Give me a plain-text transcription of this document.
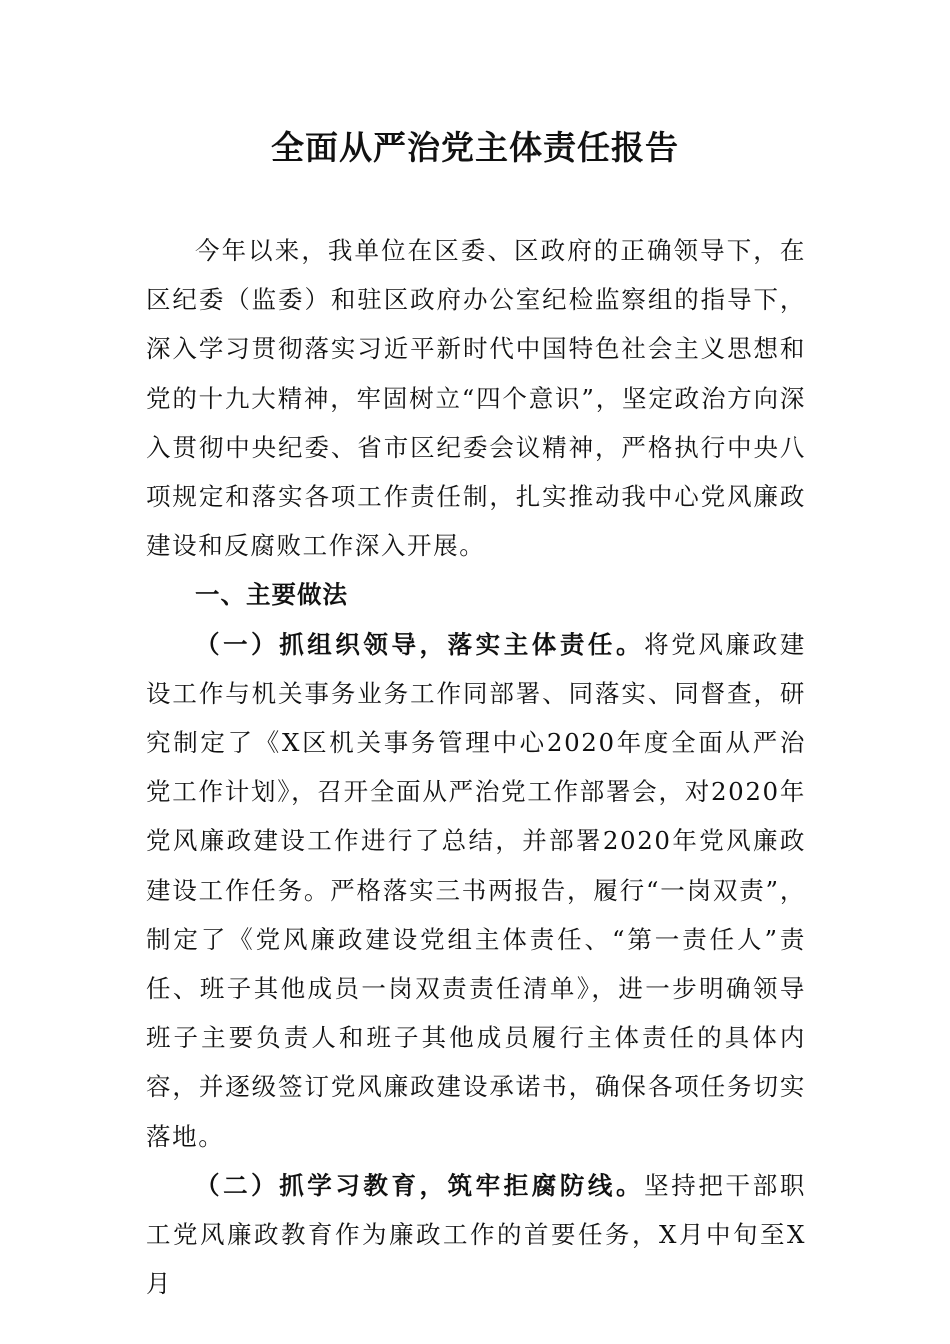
全面从严治党主体责任报告

今年以来，我单位在区委、区政府的正确领导下，在区纪委（监委）和驻区政府办公室纪检监察组的指导下，深入学习贯彻落实习近平新时代中国特色社会主义思想和党的十九大精神，牢固树立“四个意识”，坚定政治方向深入贯彻中央纪委、省市区纪委会议精神，严格执行中央八项规定和落实各项工作责任制，扎实推动我中心党风廉政建设和反腐败工作深入开展。

一、主要做法

（一）抓组织领导，落实主体责任。将党风廉政建设工作与机关事务业务工作同部署、同落实、同督查，研究制定了《X区机关事务管理中心2020年度全面从严治党工作计划》，召开全面从严治党工作部署会，对2020年党风廉政建设工作进行了总结，并部署2020年党风廉政建设工作任务。严格落实三书两报告，履行“一岗双责”，制定了《党风廉政建设党组主体责任、“第一责任人”责任、班子其他成员一岗双责责任清单》，进一步明确领导班子主要负责人和班子其他成员履行主体责任的具体内容，并逐级签订党风廉政建设承诺书，确保各项任务切实落地。

（二）抓学习教育，筑牢拒腐防线。坚持把干部职工党风廉政教育作为廉政工作的首要任务，X月中旬至X月
